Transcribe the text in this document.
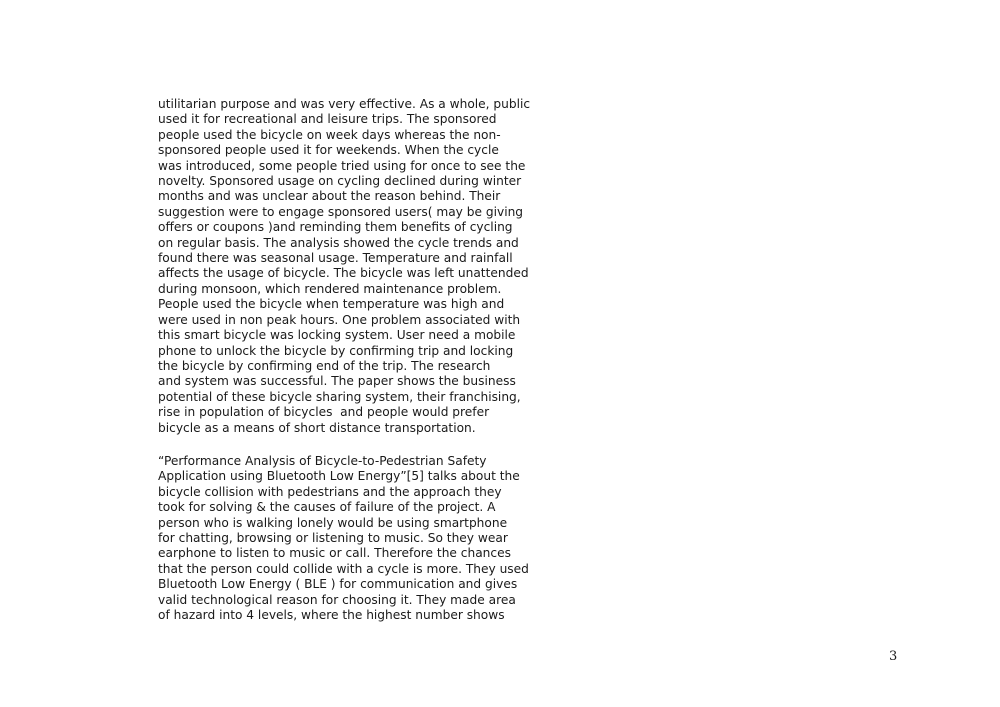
utilitarian purpose and was very effective. As a whole, public
used it for recreational and leisure trips. The sponsored
people used the bicycle on week days whereas the non-
sponsored people used it for weekends. When the cycle
was introduced, some people tried using for once to see the
novelty. Sponsored usage on cycling declined during winter
months and was unclear about the reason behind. Their
suggestion were to engage sponsored users( may be giving
offers or coupons )and reminding them benefits of cycling
on regular basis. The analysis showed the cycle trends and
found there was seasonal usage. Temperature and rainfall
affects the usage of bicycle. The bicycle was left unattended
during monsoon, which rendered maintenance problem.
People used the bicycle when temperature was high and
were used in non peak hours. One problem associated with
this smart bicycle was locking system. User need a mobile
phone to unlock the bicycle by confirming trip and locking
the bicycle by confirming end of the trip. The research
and system was successful. The paper shows the business
potential of these bicycle sharing system, their franchising,
rise in population of bicycles  and people would prefer
bicycle as a means of short distance transportation.
“Performance Analysis of Bicycle-to-Pedestrian Safety
Application using Bluetooth Low Energy”[5] talks about the
bicycle collision with pedestrians and the approach they
took for solving & the causes of failure of the project. A
person who is walking lonely would be using smartphone
for chatting, browsing or listening to music. So they wear
earphone to listen to music or call. Therefore the chances
that the person could collide with a cycle is more. They used
Bluetooth Low Energy ( BLE ) for communication and gives
valid technological reason for choosing it. They made area
of hazard into 4 levels, where the highest number shows
3
